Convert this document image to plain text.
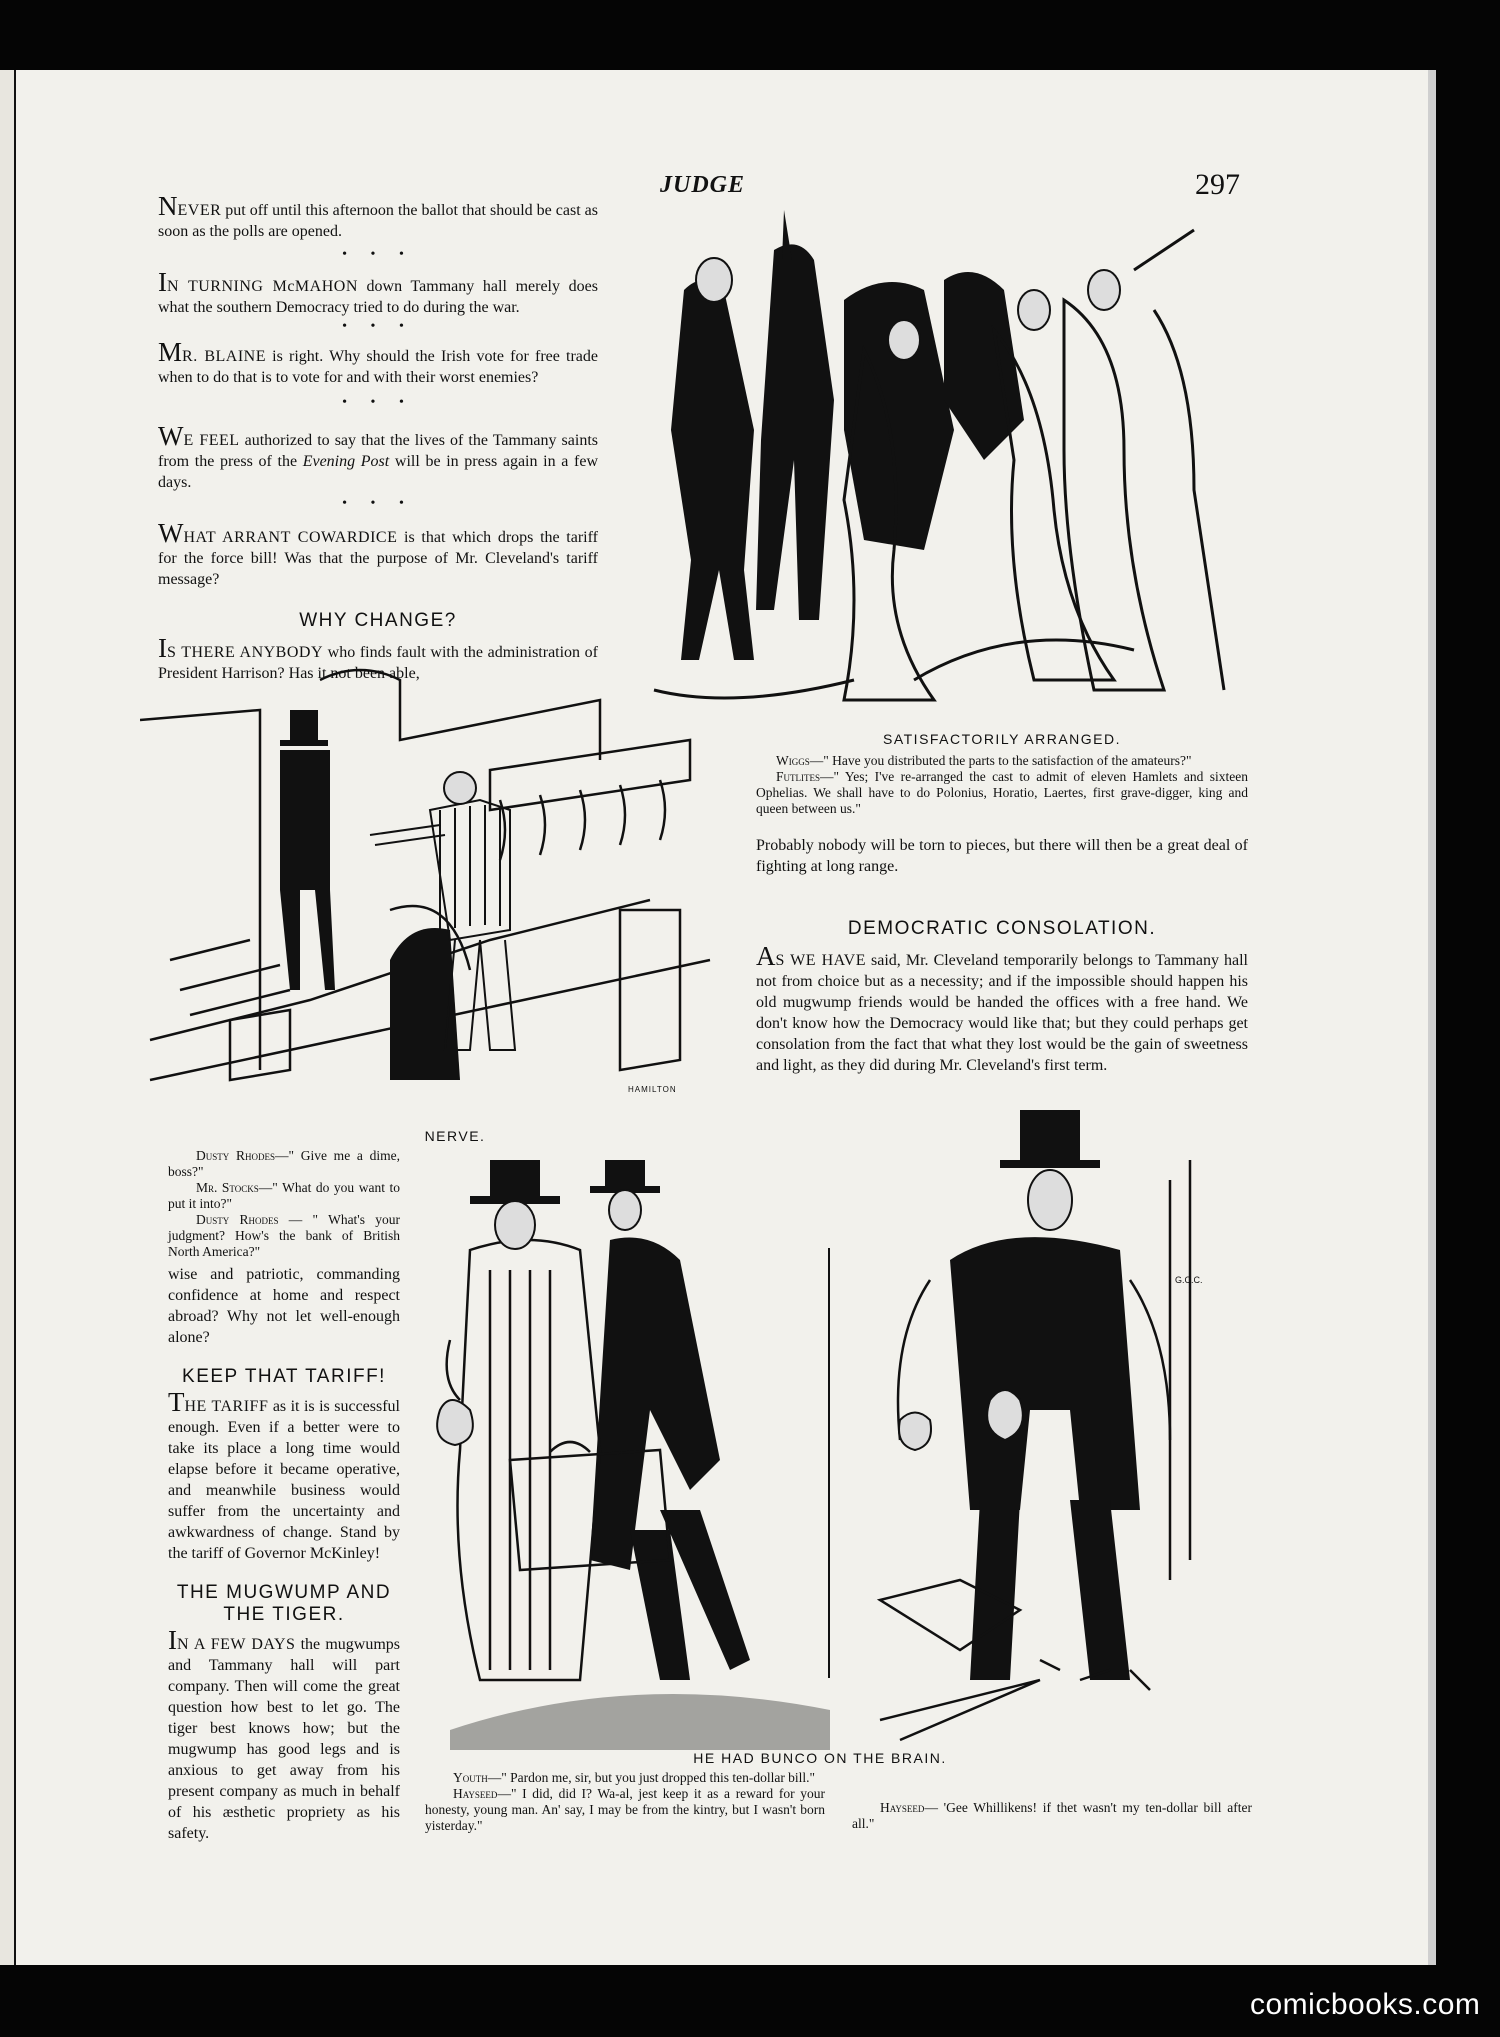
JUDGE	297
NEVER put off until this afternoon the ballot that should be cast as soon as the polls are opened.
• • •
IN TURNING McMAHON down Tammany hall merely does what the southern Democracy tried to do during the war.
• • •
MR. BLAINE is right. Why should the Irish vote for free trade when to do that is to vote for and with their worst enemies?
• • •
WE FEEL authorized to say that the lives of the Tammany saints from the press of the Evening Post will be in press again in a few days.
• • •
WHAT ARRANT COWARDICE is that which drops the tariff for the force bill! Was that the purpose of Mr. Cleveland's tariff message?
WHY CHANGE?
IS THERE ANYBODY who finds fault with the administration of President Harrison? Has it not been able,
SATISFACTORILY ARRANGED.
Wiggs—" Have you distributed the parts to the satisfaction of the amateurs?"
Futlites—" Yes; I've re-arranged the cast to admit of eleven Hamlets and sixteen Ophelias. We shall have to do Polonius, Horatio, Laertes, first grave-digger, king and queen between us."
Probably nobody will be torn to pieces, but there will then be a great deal of fighting at long range.
DEMOCRATIC CONSOLATION.
AS WE HAVE said, Mr. Cleveland temporarily belongs to Tammany hall not from choice but as a necessity; and if the impossible should happen his old mugwump friends would be handed the offices with a free hand. We don't know how the Democracy would like that; but they could perhaps get consolation from the fact that what they lost would be the gain of sweetness and light, as they did during Mr. Cleveland's first term.
HAMILTON
NERVE.
Dusty Rhodes—" Give me a dime, boss?"
Mr. Stocks—" What do you want to put it into?"
Dusty Rhodes — " What's your judgment? How's the bank of British North America?"
wise and patriotic, commanding confidence at home and respect abroad? Why not let well-enough alone?
KEEP THAT TARIFF!
THE TARIFF as it is is successful enough. Even if a better were to take its place a long time would elapse before it became operative, and meanwhile business would suffer from the uncertainty and awkwardness of change. Stand by the tariff of Governor McKinley!
THE MUGWUMP AND
THE TIGER.
IN A FEW DAYS the mugwumps and Tammany hall will part company. Then will come the great question how best to let go. The tiger best knows how; but the mugwump has good legs and is anxious to get away from his present company as much in behalf of his æsthetic propriety as his safety.
G.C.C.
HE HAD BUNCO ON THE BRAIN.
Youth—" Pardon me, sir, but you just dropped this ten-dollar bill."
Hayseed—" I did, did I? Wa-al, jest keep it as a reward for your honesty, young man. An' say, I may be from the kintry, but I wasn't born yisterday."
Hayseed— 'Gee Whillikens! if thet wasn't my ten-dollar bill after all."
comicbooks.com
